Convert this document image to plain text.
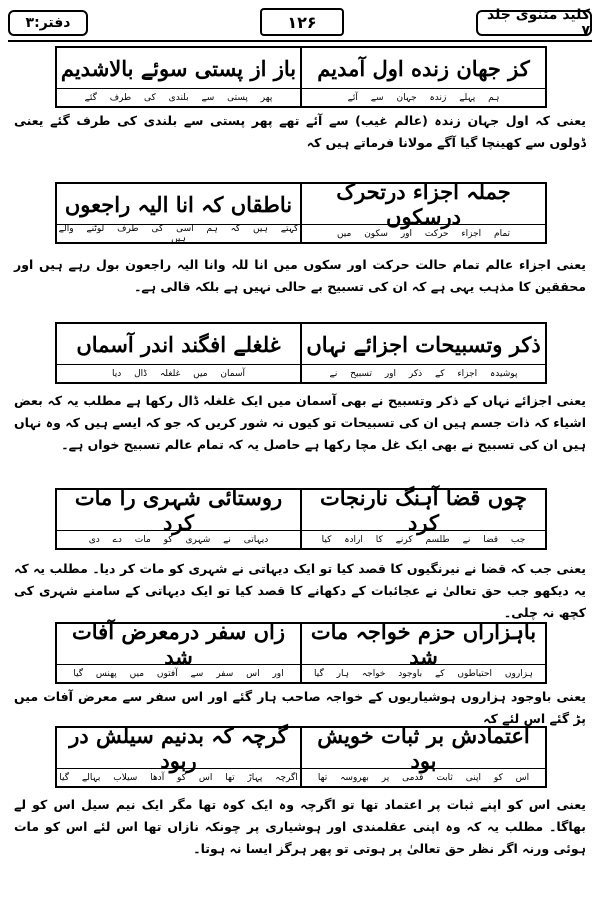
کلید مثنوی جلد ۷
۱۲۶
دفتر:۳
کز جهان زنده اول آمدیم
باز از پستی سوئے بالاشدیم
ہم پہلے زندہ جہان سے آئے
پھر پستی سے بلندی کی طرف گئے
یعنی کہ اول جہان زندہ (عالم غیب) سے آئے تھے پھر پستی سے بلندی کی طرف گئے یعنی ڈولوں سے کھینچا گیا آگے مولانا فرماتے ہیں کہ
جملہ اجزاء درتحرک درسکوں
ناطقاں کہ انا الیہ راجعوں
تمام اجزاء حرکت اور سکون میں
کہتے ہیں کہ ہم اسی کی طرف لوٹنے والے ہیں
یعنی اجزاء عالم تمام حالت حرکت اور سکوں میں انا للہ وانا الیہ راجعون بول رہے ہیں اور محققین کا مذہب یہی ہے کہ ان کی تسبیح بے حالی نہیں ہے بلکہ قالی ہے۔
ذکر وتسبیحات اجزائے نہاں
غلغلے افگند اندر آسماں
پوشیدہ اجزاء کے ذکر اور تسبیح نے
آسمان میں غلغلہ ڈال دیا
یعنی اجزائے نہاں کے ذکر وتسبیح نے بھی آسمان میں ایک غلغلہ ڈال رکھا ہے مطلب یہ کہ بعض اشیاء کہ ذات جسم ہیں ان کی تسبیحات تو کیوں نہ شور کریں کہ جو کہ ایسے ہیں کہ وہ نہاں ہیں ان کی تسبیح نے بھی ایک غل مچا رکھا ہے حاصل یہ کہ تمام عالم تسبیح خواں ہے۔
چوں قضا آہنگ نارنجات کرد
روستائی شہری را مات کرد
جب قضا نے طلسم کرنے کا ارادہ کیا
دیہاتی نے شہری کو مات دے دی
یعنی جب کہ قضا نے نیرنگیوں کا قصد کیا تو ایک دیہاتی نے شہری کو مات کر دیا۔ مطلب یہ کہ یہ دیکھو جب حق تعالیٰ نے عجائبات کے دکھانے کا قصد کیا تو ایک دیہاتی کے سامنے شہری کی کچھ نہ چلی۔
باہزاراں حزم خواجہ مات شد
زاں سفر درمعرض آفات شد
ہزاروں احتیاطوں کے باوجود خواجہ ہار گیا
اور اس سفر سے آفتوں میں پھنس گیا
یعنی باوجود ہزاروں ہوشیاریوں کے خواجہ صاحب ہار گئے اور اس سفر سے معرض آفات میں پڑ گئے اس لئے کہ
اعتمادش بر ثبات خویش بود
گرچہ کہ بدنیم سیلش در ربود
اس کو اپنی ثابت قدمی پر بھروسہ تھا
اگرچہ پہاڑ تھا اس کو آدھا سیلاب بہالے گیا
یعنی اس کو اپنے ثبات پر اعتماد تھا تو اگرچہ وہ ایک کوہ تھا مگر ایک نیم سیل اس کو لے بھاگا۔ مطلب یہ کہ وہ اپنی عقلمندی اور ہوشیاری پر چونکہ نازاں تھا اس لئے اس کو مات ہوئی ورنہ اگر نظر حق تعالیٰ پر ہوتی تو پھر ہرگز ایسا نہ ہوتا۔
